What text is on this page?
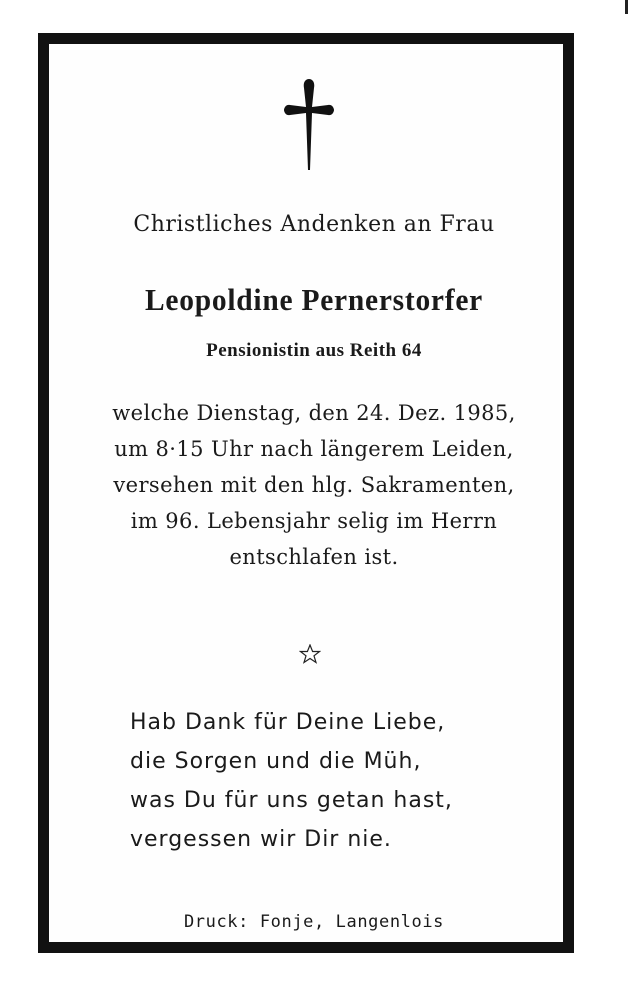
Christliches Andenken an Frau
Leopoldine Pernerstorfer
Pensionistin aus Reith 64
welche Dienstag, den 24. Dez. 1985,
um 8·15 Uhr nach längerem Leiden,
versehen mit den hlg. Sakramenten,
im 96. Lebensjahr selig im Herrn
entschlafen ist.
Hab Dank für Deine Liebe,
die Sorgen und die Müh,
was Du für uns getan hast,
vergessen wir Dir nie.
Druck: Fonje, Langenlois
